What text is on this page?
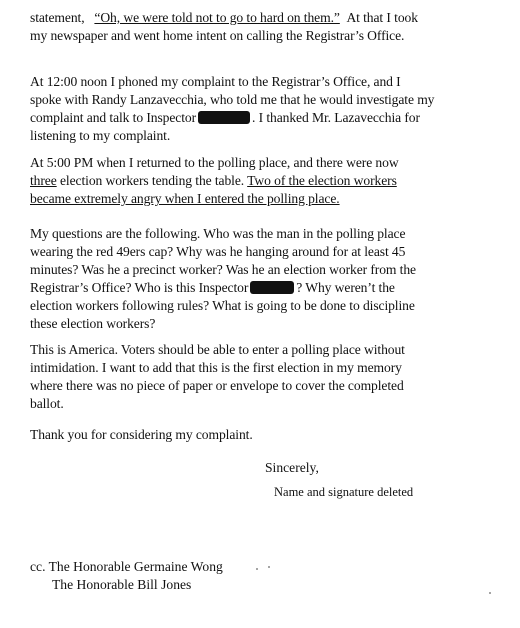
statement, “Oh, we were told not to go to hard on them.” At that I took
my newspaper and went home intent on calling the Registrar’s Office.

At 12:00 noon I phoned my complaint to the Registrar’s Office, and I
spoke with Randy Lanzavecchia, who told me that he would investigate my
complaint and talk to Inspector	. I thanked Mr. Lazavecchia for
listening to my complaint.

At 5:00 PM when I returned to the polling place, and there were now
three election workers tending the table. Two of the election workers
became extremely angry when I entered the polling place.

My questions are the following. Who was the man in the polling place
wearing the red 49ers cap? Why was he hanging around for at least 45
minutes? Was he a precinct worker? Was he an election worker from the
Registrar’s Office? Who is this Inspector	? Why weren’t the
election workers following rules? What is going to be done to discipline
these election workers?

This is America. Voters should be able to enter a polling place without
intimidation. I want to add that this is the first election in my memory
where there was no piece of paper or envelope to cover the completed
ballot.

Thank you for considering my complaint.

Sincerely,

Name and signature deleted

cc. The Honorable Germaine Wong
The Honorable Bill Jones
